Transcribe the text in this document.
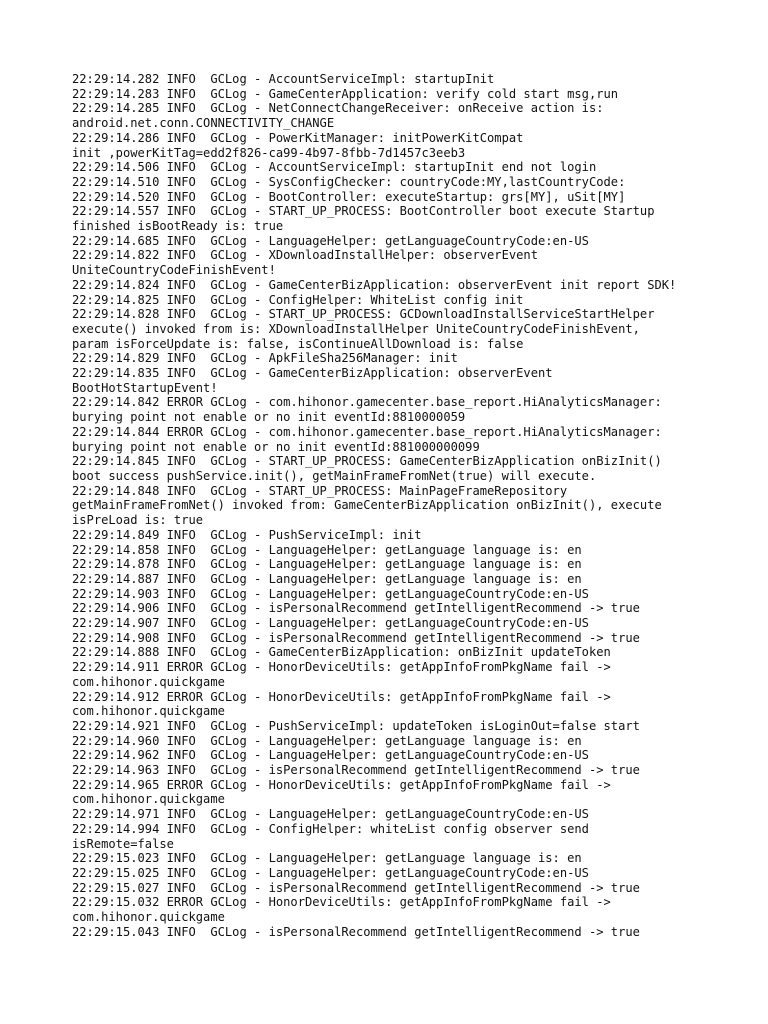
22:29:14.282 INFO  GCLog - AccountServiceImpl: startupInit
22:29:14.283 INFO  GCLog - GameCenterApplication: verify cold start msg,run
22:29:14.285 INFO  GCLog - NetConnectChangeReceiver: onReceive action is:
android.net.conn.CONNECTIVITY_CHANGE
22:29:14.286 INFO  GCLog - PowerKitManager: initPowerKitCompat
init ,powerKitTag=edd2f826-ca99-4b97-8fbb-7d1457c3eeb3
22:29:14.506 INFO  GCLog - AccountServiceImpl: startupInit end not login
22:29:14.510 INFO  GCLog - SysConfigChecker: countryCode:MY,lastCountryCode:
22:29:14.520 INFO  GCLog - BootController: executeStartup: grs[MY], uSit[MY]
22:29:14.557 INFO  GCLog - START_UP_PROCESS: BootController boot execute Startup
finished isBootReady is: true
22:29:14.685 INFO  GCLog - LanguageHelper: getLanguageCountryCode:en-US
22:29:14.822 INFO  GCLog - XDownloadInstallHelper: observerEvent
UniteCountryCodeFinishEvent!
22:29:14.824 INFO  GCLog - GameCenterBizApplication: observerEvent init report SDK!
22:29:14.825 INFO  GCLog - ConfigHelper: WhiteList config init
22:29:14.828 INFO  GCLog - START_UP_PROCESS: GCDownloadInstallServiceStartHelper
execute() invoked from is: XDownloadInstallHelper UniteCountryCodeFinishEvent,
param isForceUpdate is: false, isContinueAllDownload is: false
22:29:14.829 INFO  GCLog - ApkFileSha256Manager: init
22:29:14.835 INFO  GCLog - GameCenterBizApplication: observerEvent
BootHotStartupEvent!
22:29:14.842 ERROR GCLog - com.hihonor.gamecenter.base_report.HiAnalyticsManager:
burying point not enable or no init eventId:8810000059
22:29:14.844 ERROR GCLog - com.hihonor.gamecenter.base_report.HiAnalyticsManager:
burying point not enable or no init eventId:881000000099
22:29:14.845 INFO  GCLog - START_UP_PROCESS: GameCenterBizApplication onBizInit()
boot success pushService.init(), getMainFrameFromNet(true) will execute.
22:29:14.848 INFO  GCLog - START_UP_PROCESS: MainPageFrameRepository
getMainFrameFromNet() invoked from: GameCenterBizApplication onBizInit(), execute
isPreLoad is: true
22:29:14.849 INFO  GCLog - PushServiceImpl: init
22:29:14.858 INFO  GCLog - LanguageHelper: getLanguage language is: en
22:29:14.878 INFO  GCLog - LanguageHelper: getLanguage language is: en
22:29:14.887 INFO  GCLog - LanguageHelper: getLanguage language is: en
22:29:14.903 INFO  GCLog - LanguageHelper: getLanguageCountryCode:en-US
22:29:14.906 INFO  GCLog - isPersonalRecommend getIntelligentRecommend -> true
22:29:14.907 INFO  GCLog - LanguageHelper: getLanguageCountryCode:en-US
22:29:14.908 INFO  GCLog - isPersonalRecommend getIntelligentRecommend -> true
22:29:14.888 INFO  GCLog - GameCenterBizApplication: onBizInit updateToken
22:29:14.911 ERROR GCLog - HonorDeviceUtils: getAppInfoFromPkgName fail ->
com.hihonor.quickgame
22:29:14.912 ERROR GCLog - HonorDeviceUtils: getAppInfoFromPkgName fail ->
com.hihonor.quickgame
22:29:14.921 INFO  GCLog - PushServiceImpl: updateToken isLoginOut=false start
22:29:14.960 INFO  GCLog - LanguageHelper: getLanguage language is: en
22:29:14.962 INFO  GCLog - LanguageHelper: getLanguageCountryCode:en-US
22:29:14.963 INFO  GCLog - isPersonalRecommend getIntelligentRecommend -> true
22:29:14.965 ERROR GCLog - HonorDeviceUtils: getAppInfoFromPkgName fail ->
com.hihonor.quickgame
22:29:14.971 INFO  GCLog - LanguageHelper: getLanguageCountryCode:en-US
22:29:14.994 INFO  GCLog - ConfigHelper: whiteList config observer send
isRemote=false
22:29:15.023 INFO  GCLog - LanguageHelper: getLanguage language is: en
22:29:15.025 INFO  GCLog - LanguageHelper: getLanguageCountryCode:en-US
22:29:15.027 INFO  GCLog - isPersonalRecommend getIntelligentRecommend -> true
22:29:15.032 ERROR GCLog - HonorDeviceUtils: getAppInfoFromPkgName fail ->
com.hihonor.quickgame
22:29:15.043 INFO  GCLog - isPersonalRecommend getIntelligentRecommend -> true
